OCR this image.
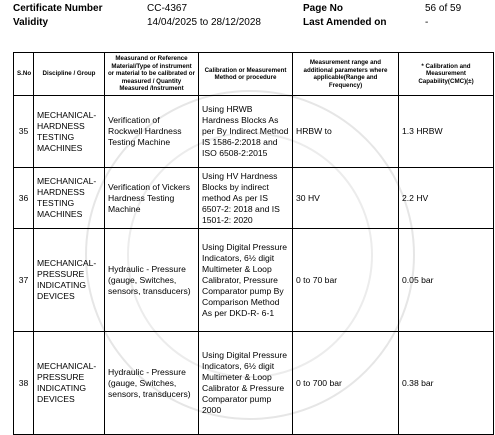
Certificate Number	CC-4367	Page No	56 of 59
Validity	14/04/2025 to 28/12/2028	Last Amended on	-
S.No	Discipline / Group	Measurand or Reference Material/Type of instrument or material to be calibrated or measured / Quantity Measured /Instrument	Calibration or Measurement Method or procedure	Measurement range and additional parameters where applicable(Range and Frequency)	* Calibration and Measurement Capability(CMC)(±)
35	MECHANICAL- HARDNESS TESTING MACHINES	Verification of Rockwell Hardness Testing Machine	Using HRWB Hardness Blocks As per By Indirect Method IS 1586-2:2018 and ISO 6508-2:2015	HRBW to	1.3 HRBW
36	MECHANICAL- HARDNESS TESTING MACHINES	Verification of Vickers Hardness Testing Machine	Using HV Hardness Blocks by indirect method As per IS 6507-2: 2018 and IS 1501-2: 2020	30 HV	2.2 HV
37	MECHANICAL- PRESSURE INDICATING DEVICES	Hydraulic - Pressure (gauge, Switches, sensors, transducers)	Using Digital Pressure Indicators, 6½ digit Multimeter & Loop Calibrator, Pressure Comparator pump By Comparison Method As per DKD-R- 6-1	0 to 70 bar	0.05 bar
38	MECHANICAL- PRESSURE INDICATING DEVICES	Hydraulic - Pressure (gauge, Switches, sensors, transducers)	Using Digital Pressure Indicators, 6½ digit Multimeter & Loop Calibrator & Pressure Comparator pump 2000	0 to 700 bar	0.38 bar
